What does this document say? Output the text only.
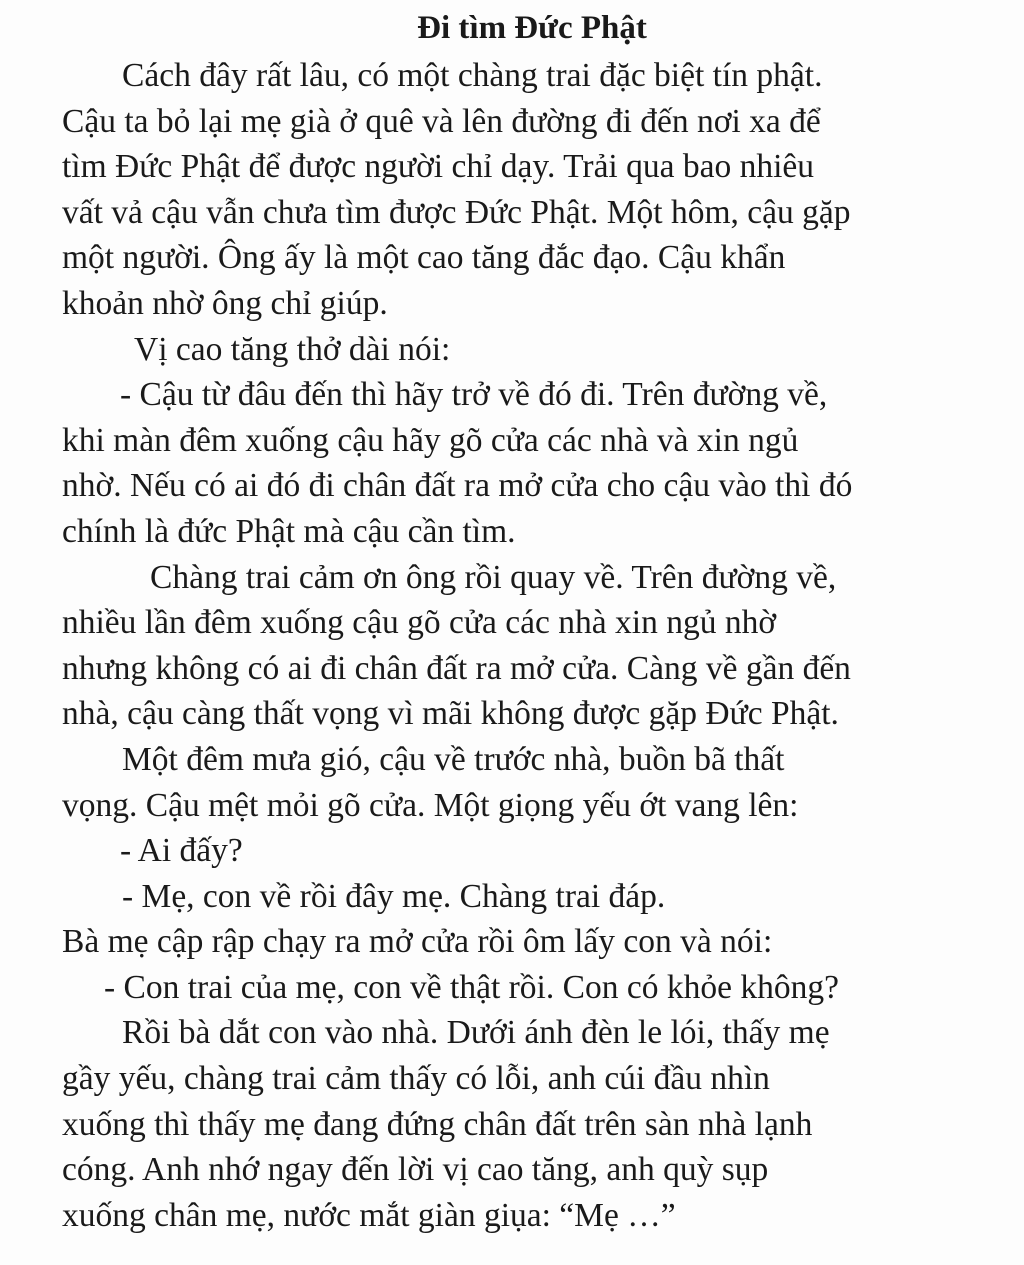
Đi tìm Đức Phật
Cách đây rất lâu, có một chàng trai đặc biệt tín phật.
Cậu ta bỏ lại mẹ già ở quê và lên đường đi đến nơi xa để
tìm Đức Phật để được người chỉ dạy. Trải qua bao nhiêu
vất vả cậu vẫn chưa tìm được Đức Phật. Một hôm, cậu gặp
một người. Ông ấy là một cao tăng đắc đạo. Cậu khẩn
khoản nhờ ông chỉ giúp.
Vị cao tăng thở dài nói:
- Cậu từ đâu đến thì hãy trở về đó đi. Trên đường về,
khi màn đêm xuống cậu hãy gõ cửa các nhà và xin ngủ
nhờ. Nếu có ai đó đi chân đất ra mở cửa cho cậu vào thì đó
chính là đức Phật mà cậu cần tìm.
Chàng trai cảm ơn ông rồi quay về. Trên đường về,
nhiều lần đêm xuống cậu gõ cửa các nhà xin ngủ nhờ
nhưng không có ai đi chân đất ra mở cửa. Càng về gần đến
nhà, cậu càng thất vọng vì mãi không được gặp Đức Phật.
Một đêm mưa gió, cậu về trước nhà, buồn bã thất
vọng. Cậu mệt mỏi gõ cửa. Một giọng yếu ớt vang lên:
- Ai đấy?
- Mẹ, con về rồi đây mẹ. Chàng trai đáp.
Bà mẹ cập rập chạy ra mở cửa rồi ôm lấy con và nói:
- Con trai của mẹ, con về thật rồi. Con có khỏe không?
Rồi bà dắt con vào nhà. Dưới ánh đèn le lói, thấy mẹ
gầy yếu, chàng trai cảm thấy có lỗi, anh cúi đầu nhìn
xuống thì thấy mẹ đang đứng chân đất trên sàn nhà lạnh
cóng. Anh nhớ ngay đến lời vị cao tăng, anh quỳ sụp
xuống chân mẹ, nước mắt giàn giụa: “Mẹ …”
